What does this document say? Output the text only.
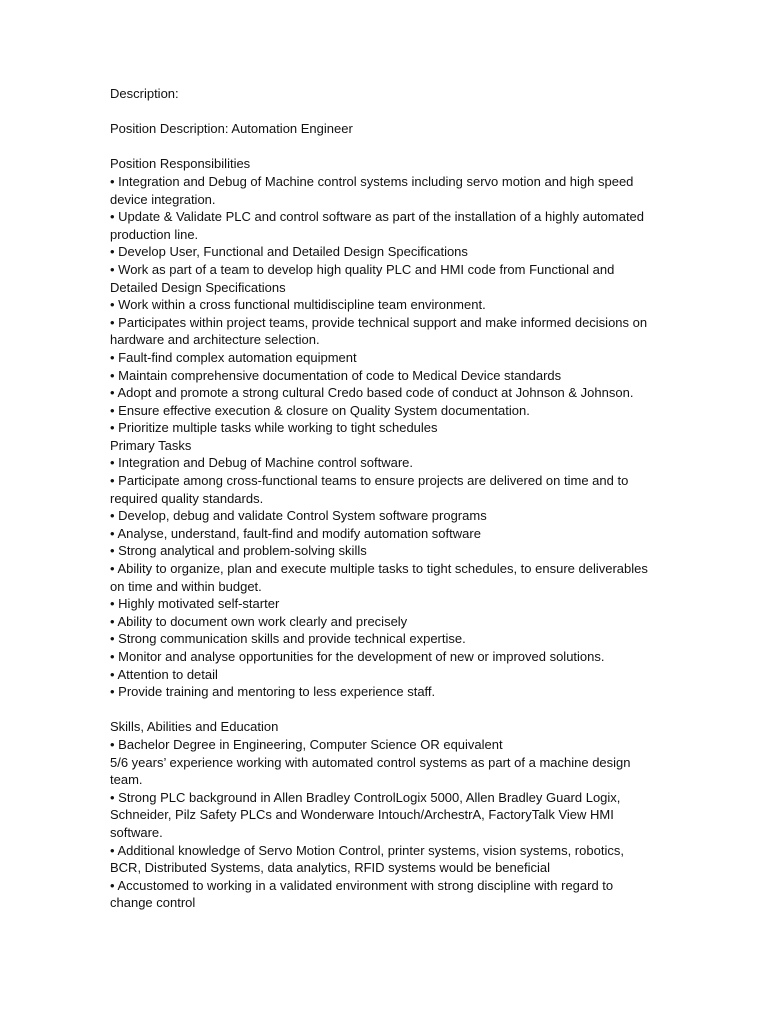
Description:
Position Description: Automation Engineer
Position Responsibilities
• Integration and Debug of Machine control systems including servo motion and high speed
device integration.
• Update & Validate PLC and control software as part of the installation of a highly automated
production line.
• Develop User, Functional and Detailed Design Specifications
• Work as part of a team to develop high quality PLC and HMI code from Functional and
Detailed Design Specifications
• Work within a cross functional multidiscipline team environment.
• Participates within project teams, provide technical support and make informed decisions on
hardware and architecture selection.
• Fault-find complex automation equipment
• Maintain comprehensive documentation of code to Medical Device standards
• Adopt and promote a strong cultural Credo based code of conduct at Johnson & Johnson.
• Ensure effective execution & closure on Quality System documentation.
• Prioritize multiple tasks while working to tight schedules
Primary Tasks
• Integration and Debug of Machine control software.
• Participate among cross-functional teams to ensure projects are delivered on time and to
required quality standards.
• Develop, debug and validate Control System software programs
• Analyse, understand, fault-find and modify automation software
• Strong analytical and problem-solving skills
• Ability to organize, plan and execute multiple tasks to tight schedules, to ensure deliverables
on time and within budget.
• Highly motivated self-starter
• Ability to document own work clearly and precisely
• Strong communication skills and provide technical expertise.
• Monitor and analyse opportunities for the development of new or improved solutions.
• Attention to detail
• Provide training and mentoring to less experience staff.
Skills, Abilities and Education
• Bachelor Degree in Engineering, Computer Science OR equivalent
5/6 years’ experience working with automated control systems as part of a machine design
team.
• Strong PLC background in Allen Bradley ControlLogix 5000, Allen Bradley Guard Logix,
Schneider, Pilz Safety PLCs and Wonderware Intouch/ArchestrA, FactoryTalk View HMI
software.
• Additional knowledge of Servo Motion Control, printer systems, vision systems, robotics,
BCR, Distributed Systems, data analytics, RFID systems would be beneficial
• Accustomed to working in a validated environment with strong discipline with regard to
change control
